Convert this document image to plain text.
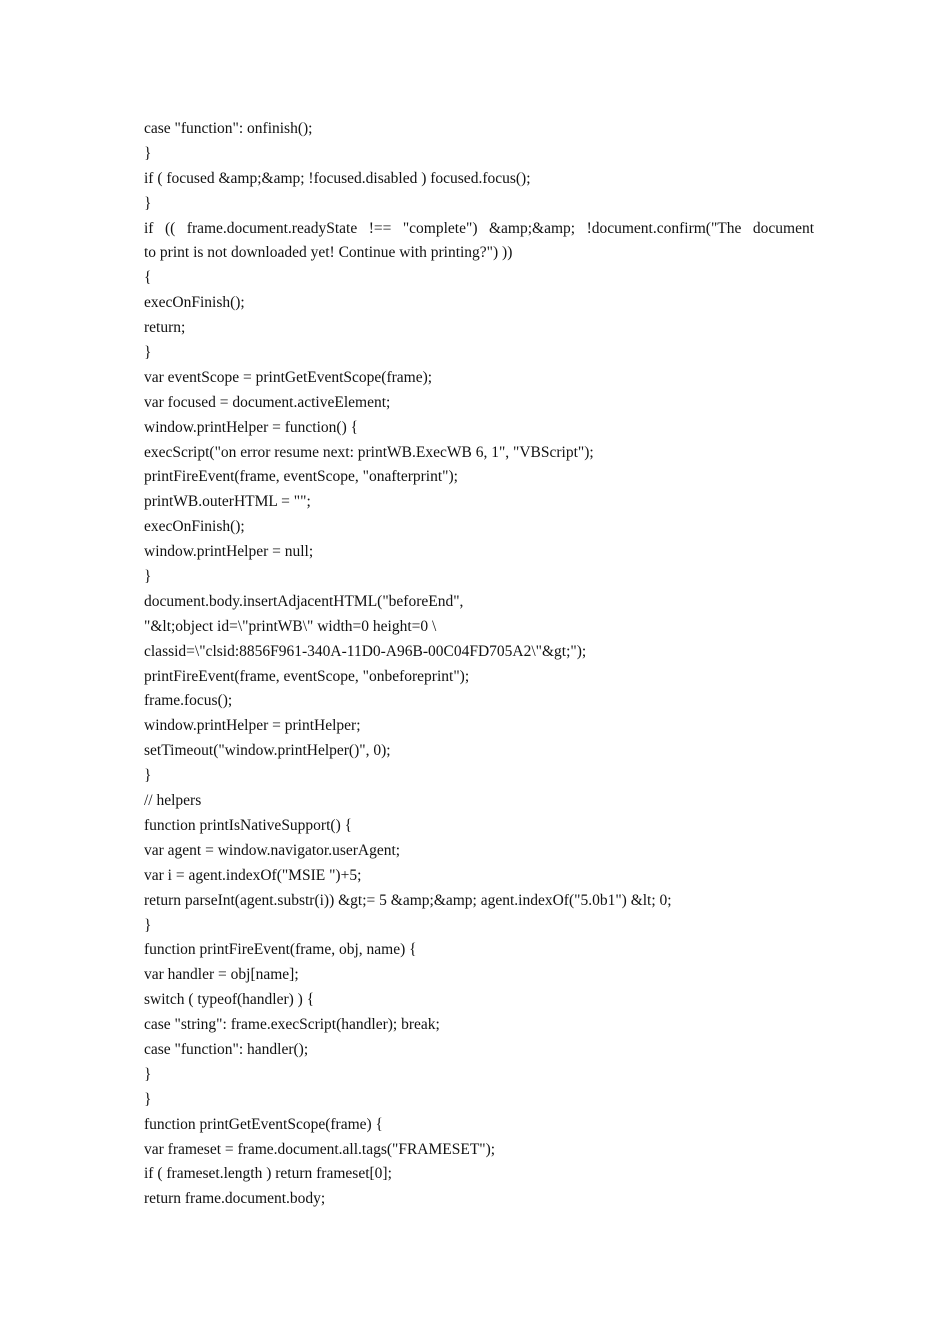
case "function": onfinish();
}
if ( focused &amp;&amp; !focused.disabled ) focused.focus();
}
if (( frame.document.readyState !== "complete") &amp;&amp; !document.confirm("The document
to print is not downloaded yet! Continue with printing?") ))
{
execOnFinish();
return;
}
var eventScope = printGetEventScope(frame);
var focused = document.activeElement;
window.printHelper = function() {
execScript("on error resume next: printWB.ExecWB 6, 1", "VBScript");
printFireEvent(frame, eventScope, "onafterprint");
printWB.outerHTML = "";
execOnFinish();
window.printHelper = null;
}
document.body.insertAdjacentHTML("beforeEnd",
"&lt;object id=\"printWB\" width=0 height=0 \
classid=\"clsid:8856F961-340A-11D0-A96B-00C04FD705A2\"&gt;");
printFireEvent(frame, eventScope, "onbeforeprint");
frame.focus();
window.printHelper = printHelper;
setTimeout("window.printHelper()", 0);
}
// helpers
function printIsNativeSupport() {
var agent = window.navigator.userAgent;
var i = agent.indexOf("MSIE ")+5;
return parseInt(agent.substr(i)) &gt;= 5 &amp;&amp; agent.indexOf("5.0b1") &lt; 0;
}
function printFireEvent(frame, obj, name) {
var handler = obj[name];
switch ( typeof(handler) ) {
case "string": frame.execScript(handler); break;
case "function": handler();
}
}
function printGetEventScope(frame) {
var frameset = frame.document.all.tags("FRAMESET");
if ( frameset.length ) return frameset[0];
return frame.document.body;
